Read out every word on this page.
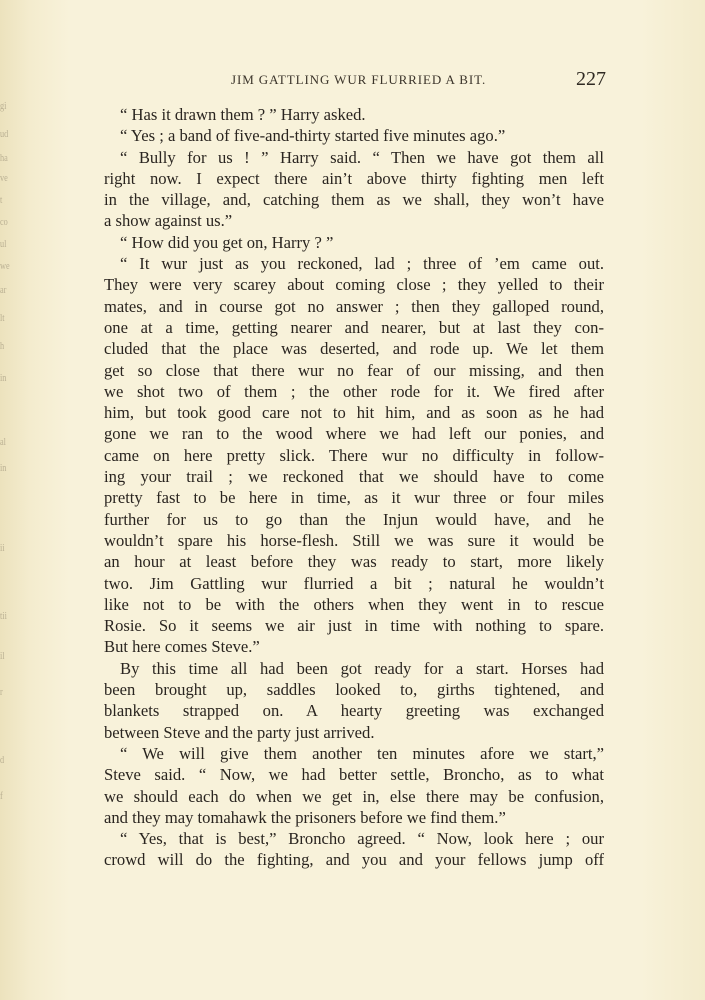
gi
ud
ha
ve
t
co
ul
we
ar
lt
h
in
al
in
ii
tii
il
r
d
f
JIM GATTLING WUR FLURRIED A BIT.	227
“ Has it drawn them ? ” Harry asked.
“ Yes ; a band of five-and-thirty started five minutes ago.”
“ Bully for us ! ” Harry said. “ Then we have got them all
right now. I expect there ain’t above thirty fighting men left
in the village, and, catching them as we shall, they won’t have
a show against us.”
“ How did you get on, Harry ? ”
“ It wur just as you reckoned, lad ; three of ’em came out.
They were very scarey about coming close ; they yelled to their
mates, and in course got no answer ; then they galloped round,
one at a time, getting nearer and nearer, but at last they con-
cluded that the place was deserted, and rode up. We let them
get so close that there wur no fear of our missing, and then
we shot two of them ; the other rode for it. We fired after
him, but took good care not to hit him, and as soon as he had
gone we ran to the wood where we had left our ponies, and
came on here pretty slick. There wur no difficulty in follow-
ing your trail ; we reckoned that we should have to come
pretty fast to be here in time, as it wur three or four miles
further for us to go than the Injun would have, and he
wouldn’t spare his horse-flesh. Still we was sure it would be
an hour at least before they was ready to start, more likely
two. Jim Gattling wur flurried a bit ; natural he wouldn’t
like not to be with the others when they went in to rescue
Rosie. So it seems we air just in time with nothing to spare.
But here comes Steve.”
By this time all had been got ready for a start. Horses had
been brought up, saddles looked to, girths tightened, and
blankets strapped on. A hearty greeting was exchanged
between Steve and the party just arrived.
“ We will give them another ten minutes afore we start,”
Steve said. “ Now, we had better settle, Broncho, as to what
we should each do when we get in, else there may be confusion,
and they may tomahawk the prisoners before we find them.”
“ Yes, that is best,” Broncho agreed. “ Now, look here ; our
crowd will do the fighting, and you and your fellows jump off
